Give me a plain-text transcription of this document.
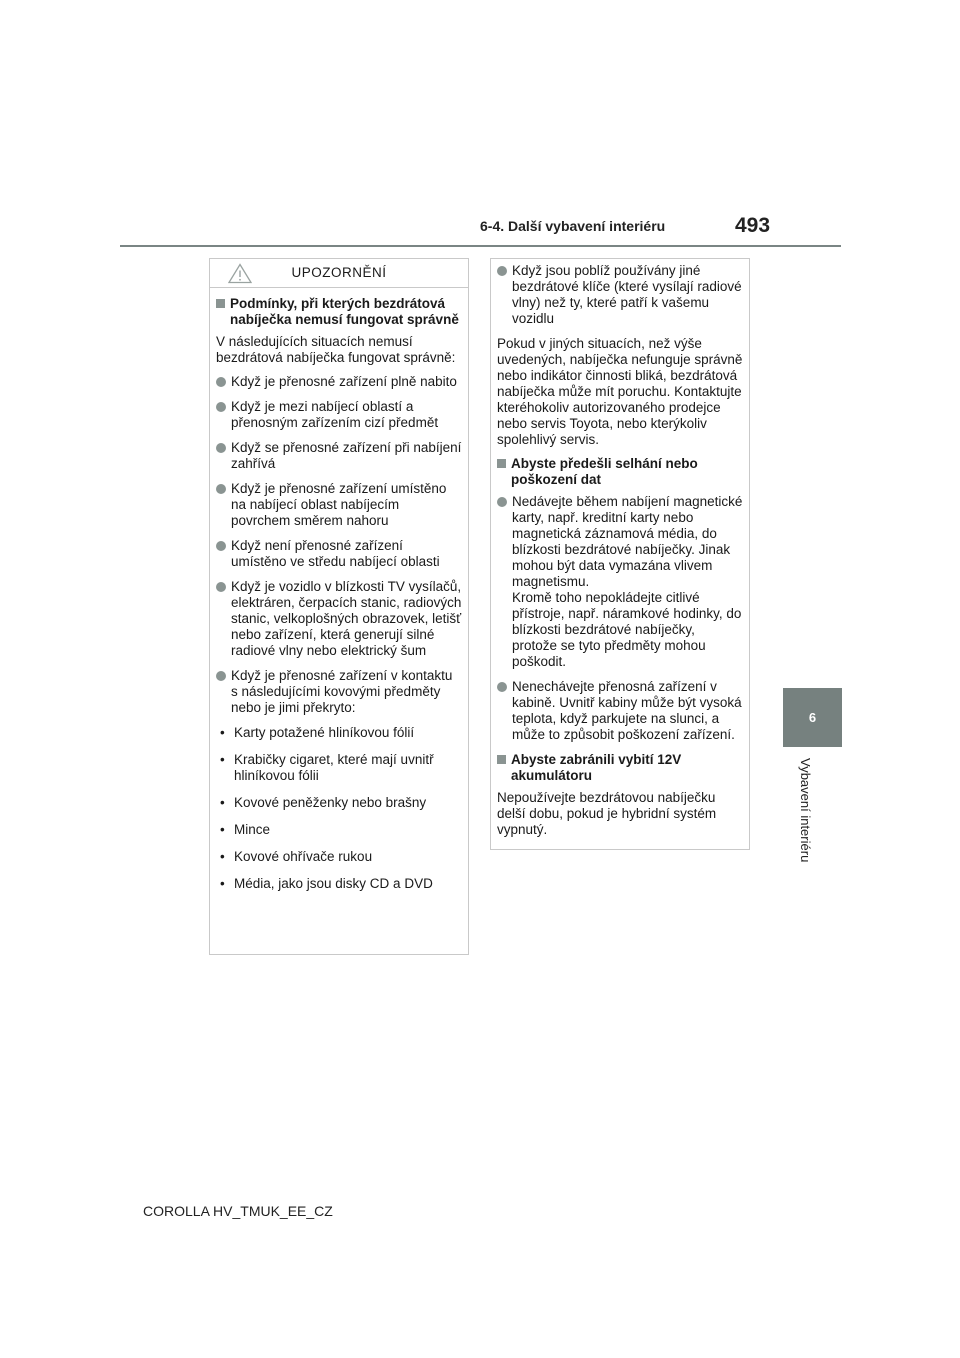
6-4. Další vybavení interiéru	493
6
Vybavení interiéru
UPOZORNĚNÍ
Podmínky, při kterých bezdrátová nabíječka nemusí fungovat správně
V následujících situacích nemusí bezdrátová nabíječka fungovat správně:
Když je přenosné zařízení plně nabito
Když je mezi nabíjecí oblastí a přenosným zařízením cizí předmět
Když se přenosné zařízení při nabíjení zahřívá
Když je přenosné zařízení umístěno na nabíjecí oblast nabíjecím povrchem směrem nahoru
Když není přenosné zařízení umístěno ve středu nabíjecí oblasti
Když je vozidlo v blízkosti TV vysílačů, elektráren, čerpacích stanic, radiových stanic, velkoplošných obrazovek, letišť nebo zařízení, která generují silné radiové vlny nebo elektrický šum
Když je přenosné zařízení v kontaktu s následujícími kovovými předměty nebo je jimi překryto:
• Karty potažené hliníkovou fólií
• Krabičky cigaret, které mají uvnitř hliníkovou fólii
• Kovové peněženky nebo brašny
• Mince
• Kovové ohřívače rukou
• Média, jako jsou disky CD a DVD
Když jsou poblíž používány jiné bezdrátové klíče (které vysílají radiové vlny) než ty, které patří k vašemu vozidlu
Pokud v jiných situacích, než výše uvedených, nabíječka nefunguje správně nebo indikátor činnosti bliká, bezdrátová nabíječka může mít poruchu. Kontaktujte kteréhokoliv autorizovaného prodejce nebo servis Toyota, nebo kterýkoliv spolehlivý servis.
Abyste předešli selhání nebo poškození dat
Nedávejte během nabíjení magnetické karty, např. kreditní karty nebo magnetická záznamová média, do blízkosti bezdrátové nabíječky. Jinak mohou být data vymazána vlivem magnetismu.
Kromě toho nepokládejte citlivé přístroje, např. náramkové hodinky, do blízkosti bezdrátové nabíječky, protože se tyto předměty mohou poškodit.
Nenechávejte přenosná zařízení v kabině. Uvnitř kabiny může být vysoká teplota, když parkujete na slunci, a může to způsobit poškození zařízení.
Abyste zabránili vybití 12V akumulátoru
Nepoužívejte bezdrátovou nabíječku delší dobu, pokud je hybridní systém vypnutý.
COROLLA HV_TMUK_EE_CZ
